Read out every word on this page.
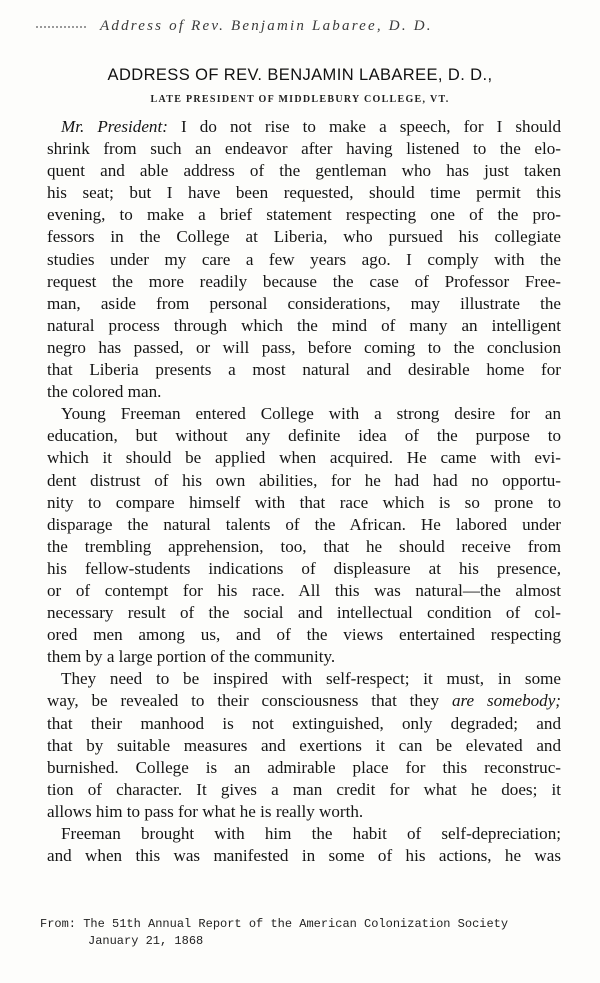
Address of Rev. Benjamin Labaree, D. D.
ADDRESS OF REV. BENJAMIN LABAREE, D. D.,
LATE PRESIDENT OF MIDDLEBURY COLLEGE, VT.

Mr. President: I do not rise to make a speech, for I should
shrink from such an endeavor after having listened to the elo-
quent and able address of the gentleman who has just taken
his seat; but I have been requested, should time permit this
evening, to make a brief statement respecting one of the pro-
fessors in the College at Liberia, who pursued his collegiate
studies under my care a few years ago. I comply with the
request the more readily because the case of Professor Free-
man, aside from personal considerations, may illustrate the
natural process through which the mind of many an intelligent
negro has passed, or will pass, before coming to the conclusion
that Liberia presents a most natural and desirable home for
the colored man.

Young Freeman entered College with a strong desire for an
education, but without any definite idea of the purpose to
which it should be applied when acquired. He came with evi-
dent distrust of his own abilities, for he had had no opportu-
nity to compare himself with that race which is so prone to
disparage the natural talents of the African. He labored under
the trembling apprehension, too, that he should receive from
his fellow-students indications of displeasure at his presence,
or of contempt for his race. All this was natural—the almost
necessary result of the social and intellectual condition of col-
ored men among us, and of the views entertained respecting
them by a large portion of the community.

They need to be inspired with self-respect; it must, in some
way, be revealed to their consciousness that they are somebody;
that their manhood is not extinguished, only degraded; and
that by suitable measures and exertions it can be elevated and
burnished. College is an admirable place for this reconstruc-
tion of character. It gives a man credit for what he does; it
allows him to pass for what he is really worth.

Freeman brought with him the habit of self-depreciation;
and when this was manifested in some of his actions, he was

From: The 51th Annual Report of the American Colonization Society
January 21, 1868
